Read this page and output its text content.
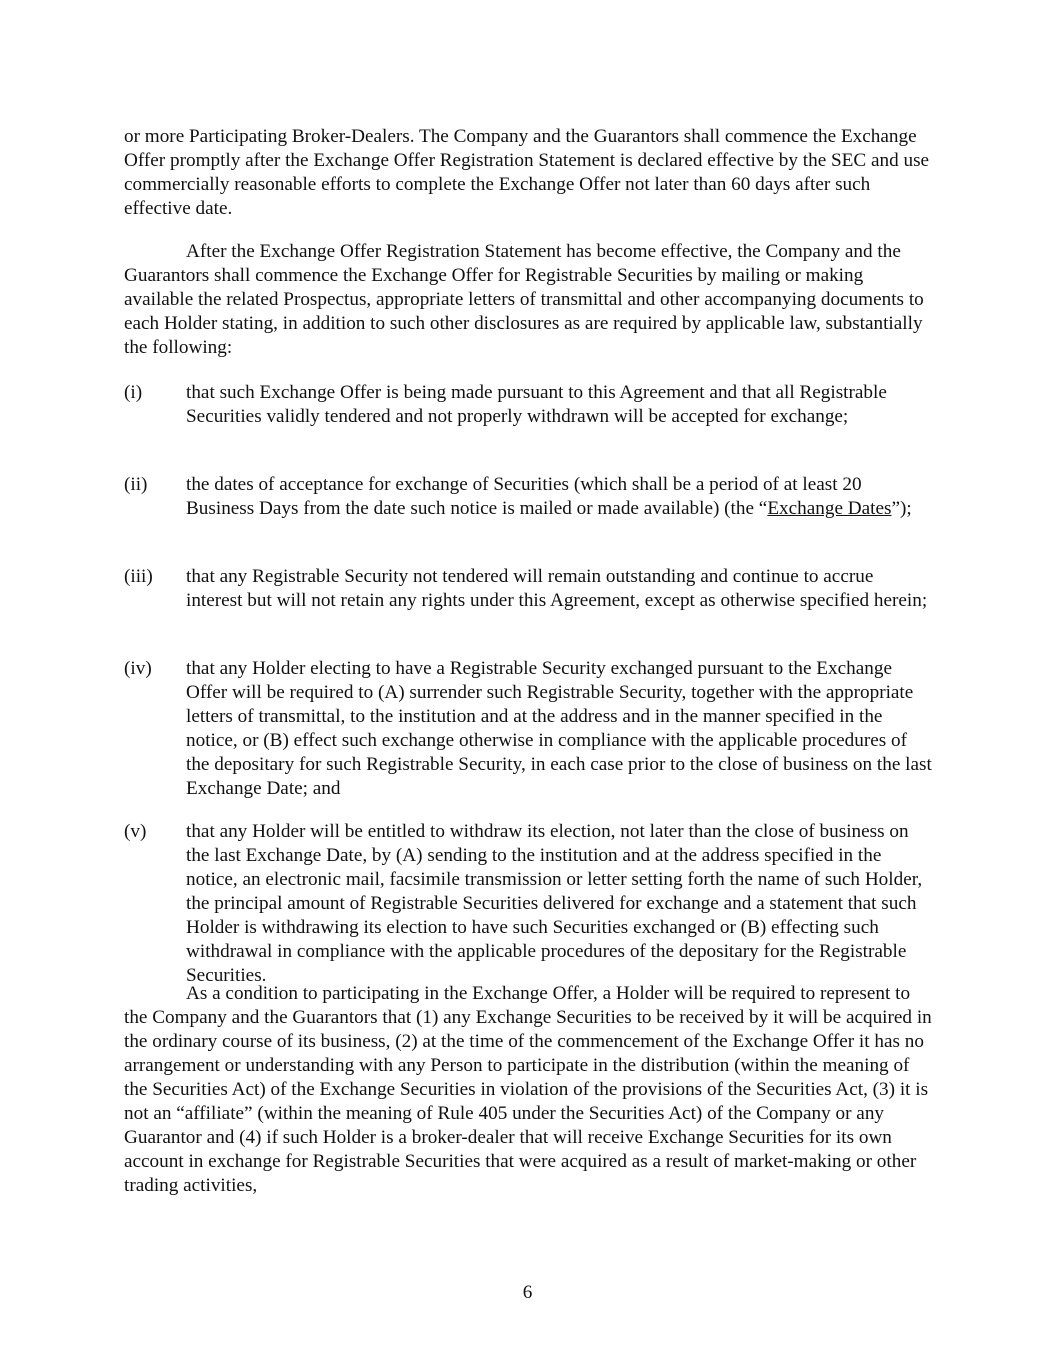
or more Participating Broker-Dealers. The Company and the Guarantors shall commence the Exchange Offer promptly after the Exchange Offer Registration Statement is declared effective by the SEC and use commercially reasonable efforts to complete the Exchange Offer not later than 60 days after such effective date.

After the Exchange Offer Registration Statement has become effective, the Company and the Guarantors shall commence the Exchange Offer for Registrable Securities by mailing or making available the related Prospectus, appropriate letters of transmittal and other accompanying documents to each Holder stating, in addition to such other disclosures as are required by applicable law, substantially the following:

(i) that such Exchange Offer is being made pursuant to this Agreement and that all Registrable Securities validly tendered and not properly withdrawn will be accepted for exchange;
(ii) the dates of acceptance for exchange of Securities (which shall be a period of at least 20 Business Days from the date such notice is mailed or made available) (the “Exchange Dates”);
(iii) that any Registrable Security not tendered will remain outstanding and continue to accrue interest but will not retain any rights under this Agreement, except as otherwise specified herein;
(iv) that any Holder electing to have a Registrable Security exchanged pursuant to the Exchange Offer will be required to (A) surrender such Registrable Security, together with the appropriate letters of transmittal, to the institution and at the address and in the manner specified in the notice, or (B) effect such exchange otherwise in compliance with the applicable procedures of the depositary for such Registrable Security, in each case prior to the close of business on the last Exchange Date; and
(v) that any Holder will be entitled to withdraw its election, not later than the close of business on the last Exchange Date, by (A) sending to the institution and at the address specified in the notice, an electronic mail, facsimile transmission or letter setting forth the name of such Holder, the principal amount of Registrable Securities delivered for exchange and a statement that such Holder is withdrawing its election to have such Securities exchanged or (B) effecting such withdrawal in compliance with the applicable procedures of the depositary for the Registrable Securities.

As a condition to participating in the Exchange Offer, a Holder will be required to represent to the Company and the Guarantors that (1) any Exchange Securities to be received by it will be acquired in the ordinary course of its business, (2) at the time of the commencement of the Exchange Offer it has no arrangement or understanding with any Person to participate in the distribution (within the meaning of the Securities Act) of the Exchange Securities in violation of the provisions of the Securities Act, (3) it is not an “affiliate” (within the meaning of Rule 405 under the Securities Act) of the Company or any Guarantor and (4) if such Holder is a broker-dealer that will receive Exchange Securities for its own account in exchange for Registrable Securities that were acquired as a result of market-making or other trading activities,

6
